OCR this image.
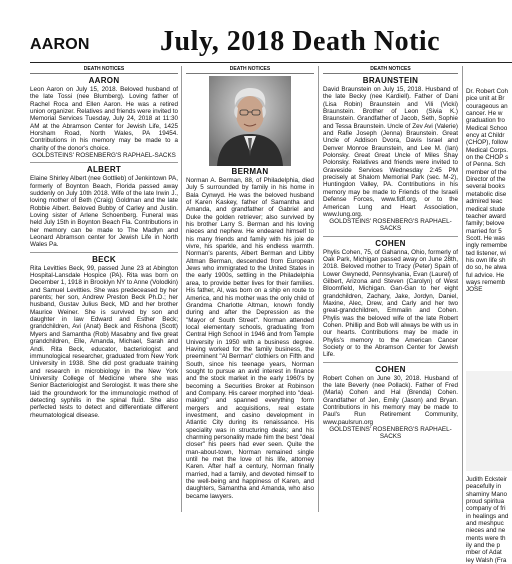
AARON	July, 2018 Death Notic
DEATH NOTICES
AARON

Leon Aaron on July 15, 2018. Beloved husband of the late Tossi (nee Blumberg). Loving father of Rachel Roca and Ellen Aaron. He was a retired union organizer. Relatives and friends were invited to Memorial Services Tuesday, July 24, 2018 at 11:30 AM at the Abramson Center for Jewish Life, 1425 Horsham Road, North Wales, PA 19454. Contributions in his memory may be made to a charity of the donor's choice.

GOLDSTEINS' ROSENBERG'S RAPHAEL-SACKS

ALBERT

Elaine Shirley Albert (nee Gottlieb) of Jenkintown PA, formerly of Boynton Beach, Florida passed away suddenly on July 10th 2018. Wife of the late Irwin J., loving mother of Beth (Craig) Goldman and the late Robbie Albert. Beloved Bubby of Carley and Justin. Loving sister of Arlene Schoenberg. Funeral was held July 15th in Boynton Beach Fla. Contributions in her memory can be made to The Madlyn and Leonard Abramson center for Jewish Life in North Wales Pa.

BECK

Rita Levitties Beck, 99, passed June 23 at Abington Hospital-Lansdale Hospice (PA). Rita was born on December 1, 1918 in Brooklyn NY to Anne (Volodkin) and Samuel Levitties. She was predeceased by her parents; her son, Andrew Preston Beck Ph.D.; her husband, Gustav Julius Beck, MD and her brother Maurice Weiner. She is survived by son and daughter in law Edward and Esther Beck; grandchildren, Avi (Anat) Beck and Rishona (Scott) Myers and Samantha (Rob) Masabny and five great grandchildren, Elle, Amanda, Michael, Sarah and Andi. Rita Beck, educator, bacteriologist and immunological researcher, graduated from New York University in 1938. She did post graduate training and research in microbiology in the New York University College of Medicine where she was Senior Bacteriologist and Serologist. It was there she laid the groundwork for the immunologic method of detecting syphilis in the spinal fluid. She also perfected tests to detect and differentiate different rheumatological disease.

DEATH NOTICES
BERMAN

Norman A. Berman, 88, of Philadelphia, died July 5 surrounded by family in his home in Bala Cynwyd. He was the beloved husband of Karen Kaskey, father of Samantha and Amanda, and grandfather of Gabriel and Duke the golden retriever; also survived by his brother Larry S. Berman and his loving nieces and nephew. He endeared himself to his many friends and family with his joie de vivre, his sparkle, and his endless warmth. Norman's parents, Albert Berman and Libby Altman Berman, descended from European Jews who immigrated to the United States in the early 1900s, settling in the Philadelphia area, to provide better lives for their families. His father, Al, was born on a ship en route to America, and his mother was the only child of Grandma Charlotte Altman, known fondly during and after the Depression as the "Mayor of South Street". Norman attended local elementary schools, graduating from Central High School in 1946 and from Temple University in 1950 with a business degree. Having worked for the family business, the preeminent "Al Berman" clothiers on Fifth and South, since his teenage years, Norman sought to pursue an avid interest in finance and the stock market in the early 1960's by becoming a Securities Broker at Robinson and Company. His career morphed into "deal-making" and spanned everything form mergers and acquisitions, real estate investment, and casino development in Atlantic City during its renaissance. His speciality was in structuring deals; and his charming personality made him the best "deal closer" his peers had ever seen. Quite the man-about-town, Norman remained single until he met the love of his life, attorney Karen. After half a century, Norman finally married, had a family, and devoted himself to the well-being and happiness of Karen, and daughters, Samantha and Amanda, who also became lawyers.

DEATH NOTICES
BRAUNSTEIN

David Braunstein on July 15, 2018. Husband of the late Becky (nee Kardiell). Father of Dani (Lisa Robin) Braunstein and Vili (Vicki) Braunstein. Brother of Leon (Sivia K.) Braunstein. Grandfather of Jacob, Seth, Sophie and Tessa Braunstein. Uncle of Zev Avi (Valerie) and Rafie Joseph (Jenna) Braunstein. Great Uncle of Addison Dvora, Davis Israel and Denver Monroe Braunstein, and Lee M. (Ian) Polonsky. Great Great Uncle of Miles Shay Polonsky. Relatives and friends were invited to Graveside Services Wednesday 2:45 PM precisely at Shalom Memorial Park (sec. M-2), Huntingdon Valley, PA. Contributions in his memory may be made to Friends of the Israeli Defense Forces, www.fidf.org, or to the American Lung and Heart Association, www.lung.org.

GOLDSTEINS' ROSENBERG'S RAPHAEL-SACKS

COHEN

Phylis Cohen, 75, of Gahanna, Ohio, formerly of Oak Park, Michigan passed away on June 28th, 2018. Beloved mother to Tracy (Peter) Spain of Lower Gwynedd, Pennsylvania, Evan (Laurel) of Gilbert, Arizona and Steven (Carolyn) of West Bloomfield, Michigan. Gan-Gan to her eight grandchildren, Zachary, Jake, Jordyn, Daniel, Maxine, Alec, Drew, and Carly and her two great-grandchildren, Emmalin and Cohen. Phylis was the beloved wife of the late Robert Cohen. Phillip and Bob will always be with us in our hearts. Contributions may be made in Phylis's memory to the American Cancer Society or to the Abramson Center for Jewish Life.

COHEN

Robert Cohen on June 30, 2018. Husband of the late Beverly (nee Pollack). Father of Fred (Marla) Cohen and Hal (Brenda) Cohen. Grandfather of Jen, Emily (Jason) and Bryan. Contributions in his memory may be made to Paul's Run Retirement Community, www.paulsrun.org

GOLDSTEINS' ROSENBERG'S RAPHAEL-SACKS

Dr. Robert Coh
pice unit at Br
courageous an
cancer. He w
graduation fro
Medical Schoo
ency at Childr
(CHOP), follow
Medical Corps.
on the CHOP s
of Penna. Sch
member of the
Director of the
several books
metabolic dise
admired teac
medical stude
teacher award
family; belove
married for 5
Scott. He was
ingly remembe
ted listener, wi
his own life sh
do so, he alwa
ful advice. He
ways rememb
JOSE
Judith Ecksteir
peacefully in
shaminy Mano
proud spiritua
company of fri
in healings and
and meshpuc
nieces and ne
ments were th
ily and the p
mber of Adat
ley Walsh (Fra
